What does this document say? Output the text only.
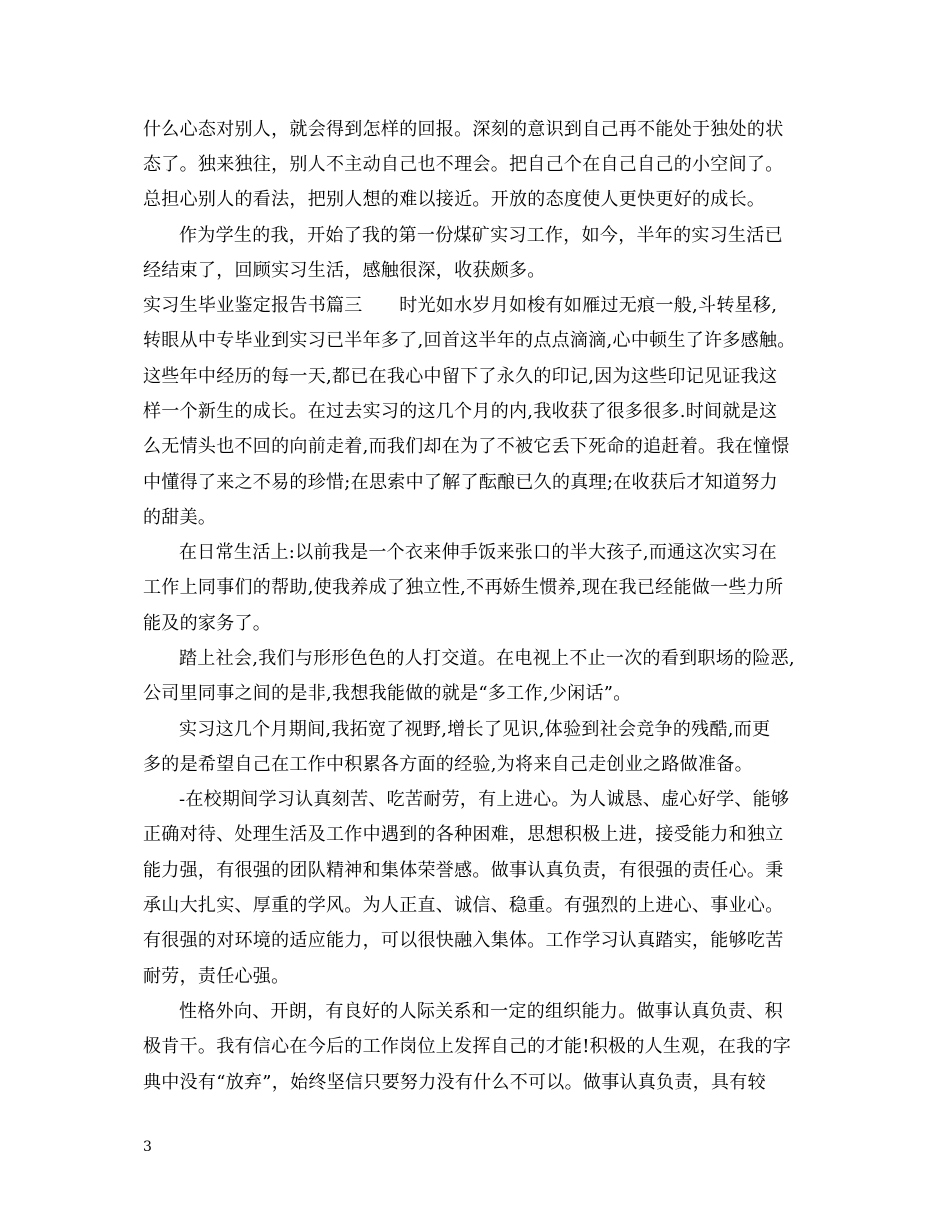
什么心态对别人，就会得到怎样的回报。深刻的意识到自己再不能处于独处的状
态了。独来独往，别人不主动自己也不理会。把自己个在自己自己的小空间了。
总担心别人的看法，把别人想的难以接近。开放的态度使人更快更好的成长。
作为学生的我，开始了我的第一份煤矿实习工作，如今，半年的实习生活已
经结束了，回顾实习生活，感触很深，收获颇多。
实习生毕业鉴定报告书篇三　　时光如水岁月如梭有如雁过无痕一般,斗转星移,
转眼从中专毕业到实习已半年多了,回首这半年的点点滴滴,心中顿生了许多感触。
这些年中经历的每一天,都已在我心中留下了永久的印记,因为这些印记见证我这
样一个新生的成长。在过去实习的这几个月的内,我收获了很多很多.时间就是这
么无情头也不回的向前走着,而我们却在为了不被它丢下死命的追赶着。我在憧憬
中懂得了来之不易的珍惜;在思索中了解了酝酿已久的真理;在收获后才知道努力
的甜美。
在日常生活上:以前我是一个衣来伸手饭来张口的半大孩子,而通这次实习在
工作上同事们的帮助,使我养成了独立性,不再娇生惯养,现在我已经能做一些力所
能及的家务了。
踏上社会,我们与形形色色的人打交道。在电视上不止一次的看到职场的险恶,
公司里同事之间的是非,我想我能做的就是“多工作,少闲话”。
实习这几个月期间,我拓宽了视野,增长了见识,体验到社会竞争的残酷,而更
多的是希望自己在工作中积累各方面的经验,为将来自己走创业之路做准备。
-在校期间学习认真刻苦、吃苦耐劳，有上进心。为人诚恳、虚心好学、能够
正确对待、处理生活及工作中遇到的各种困难，思想积极上进，接受能力和独立
能力强，有很强的团队精神和集体荣誉感。做事认真负责，有很强的责任心。秉
承山大扎实、厚重的学风。为人正直、诚信、稳重。有强烈的上进心、事业心。
有很强的对环境的适应能力，可以很快融入集体。工作学习认真踏实，能够吃苦
耐劳，责任心强。
性格外向、开朗，有良好的人际关系和一定的组织能力。做事认真负责、积
极肯干。我有信心在今后的工作岗位上发挥自己的才能!积极的人生观，在我的字
典中没有“放弃”，始终坚信只要努力没有什么不可以。做事认真负责，具有较
3
